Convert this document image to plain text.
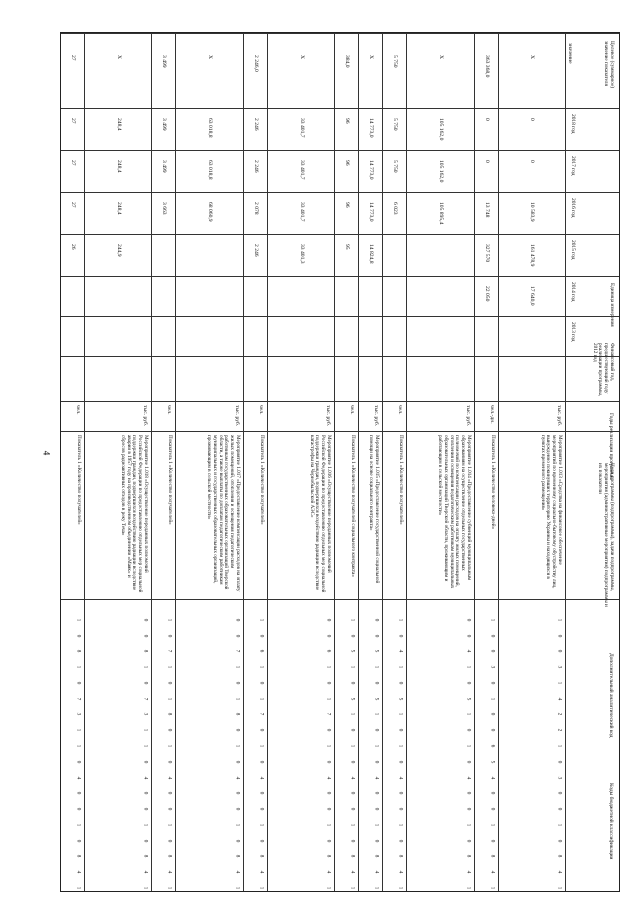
4	Годы реализации программы
Целевое (суммарное) значение показателя
значение
Финансовый год, предшествующий году реализации программы, 2012 год
Единица измерения
Цели программы (подпрограммы), задачи подпрограммы, мероприятия (административные мероприятия) подпрограммы и их показатели
Дополнительный аналитический код
Коды бюджетной классификации
2013 год
2014 год
2015 год
2016 год
2017 год
2018 год
Мероприятие 1.013 «Средства на финансовое обеспечение мероприятий по временному социально-бытовому обустройству лиц, вынужденно покинувших территорию Украины и находящихся в пунктах временного размещения»
тыс. руб.
17 640,0
161 478,9
10 583,9
0
0
X
1
4
8
0
1
0
0
3
0
1
2
2
4
1
3
0
0
1
Показатель 1 «Количество человеко-дней»
чел.-дн.
22 050
327 570
13 748
0
0
363 368,0
1
4
8
0
1
0
0
4
5
6
0
0
1
0
3
0
0
1
Мероприятие 1.014 «Предоставление субвенций муниципальным образованиям на осуществление отдельных государственных полномочий по компенсации расходов на оплату жилых помещений, отопления и освещения педагогическим работникам муниципальных образовательных организаций Тверской области, проживающим и работающим в сельской местности»
тыс. руб.
105 895,4
105 162,0
105 162,0
X
1
4
8
0
1
0
0
4
0
1
0
1
5
0
1
4
0
0
Показатель 1 «Количество получателей»
чел.
6 023
5 750
5 750
5 750
1
4
8
0
1
0
0
4
0
1
0
1
5
0
1
4
0
1
Мероприятие 1.015 «Предоставление государственной социальной помощи на основе социального контракта»
тыс. руб.
14 824,8
14 773,0
14 773,0
14 773,0
X
1
4
8
0
1
0
0
4
0
1
0
1
5
0
1
5
0
0
Показатель 1 «Количество получателей социального контракта»
чел.
95
96
96
96
384,0
1
4
8
0
1
0
0
4
0
1
0
1
5
0
1
5
0
1
Мероприятие 1.016 «Осуществление переданных полномочий Российской Федерации по предоставлению отдельных мер социальной поддержки граждан, подвергшихся воздействию радиации вследствие катастрофы на Чернобыльской АЭС»
тыс. руб.
33 401,3
33 401,7
33 401,7
33 401,7
X
1
4
8
0
1
0
0
4
0
1
0
7
1
0
1
6
0
0
Показатель 1 «Количество получателей»
чел.
2 246
2 078
2 246
2 246
2 246,0
1
4
8
0
1
0
0
4
0
1
0
7
1
0
1
6
0
1
Мероприятие 1.017 «Предоставление компенсации расходов на оплату жилых помещений, отопления и освещения педагогическим работникам государственных образовательных организаций Тверской области, а также выплаты по доплатам педагогическим работникам муниципальных и государственных образовательных организаций, проживающим в сельской местности»
тыс. руб.
68 060,9
63 018,8
63 018,8
X
1
4
8
0
1
0
0
4
0
1
0
8
1
0
1
7
0
0
Показатель 1 «Количество получателей»
чел.
3 663
3 499
3 499
3 499
1
4
8
0
1
0
0
4
0
1
0
8
1
0
1
7
0
1
Мероприятие 1.018 «Осуществление переданных полномочий Российской Федерации по предоставлению отдельных мер социальной поддержки граждан, подвергшихся воздействию радиации вследствие аварии в 1957 году на производственном объединении «Маяк» и сбросов радиоактивных отходов в реку Теча»
тыс. руб.
244,9
248,4
248,4
248,4
X
1
4
8
0
1
0
0
4
0
1
1
3
7
0
1
8
0
0
Показатель 1 «Количество получателей»
чел.
26
27
27
27
27
1
4
8
0
1
0
0
4
0
1
1
3
7
0
1
8
0
1
